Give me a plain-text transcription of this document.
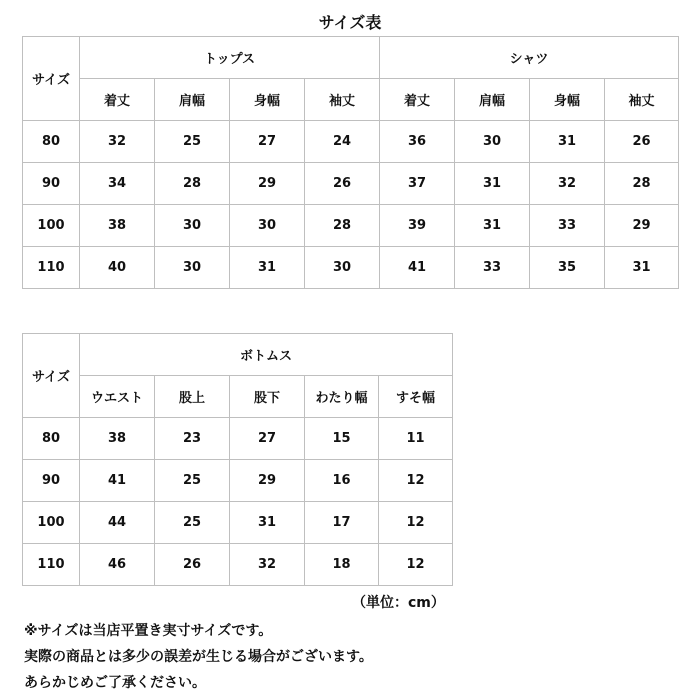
サイズ表
サイズ	トップス				シャツ			
	着丈	肩幅	身幅	袖丈	着丈	肩幅	身幅	袖丈
80	32	25	27	24	36	30	31	26
90	34	28	29	26	37	31	32	28
100	38	30	30	28	39	31	33	29
110	40	30	31	30	41	33	35	31
サイズ	ボトムス				
	ウエスト	股上	股下	わたり幅	すそ幅
80	38	23	27	15	11
90	41	25	29	16	12
100	44	25	31	17	12
110	46	26	32	18	12
（単位：cm）
※サイズは当店平置き実寸サイズです。
実際の商品とは多少の誤差が生じる場合がございます。
あらかじめご了承ください。
